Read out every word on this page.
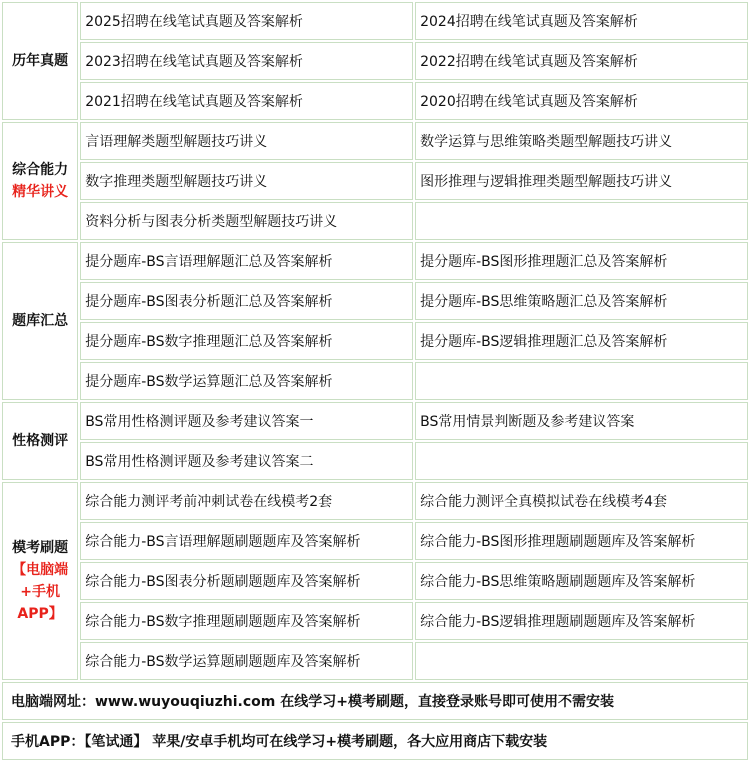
历年真题	2025招聘在线笔试真题及答案解析	2024招聘在线笔试真题及答案解析
	2023招聘在线笔试真题及答案解析	2022招聘在线笔试真题及答案解析
	2021招聘在线笔试真题及答案解析	2020招聘在线笔试真题及答案解析

综合能力
精华讲义	言语理解类题型解题技巧讲义	数学运算与思维策略类题型解题技巧讲义
	数字推理类题型解题技巧讲义	图形推理与逻辑推理类题型解题技巧讲义
	资料分析与图表分析类题型解题技巧讲义	
题库汇总	提分题库-BS言语理解题汇总及答案解析	提分题库-BS图形推理题汇总及答案解析
	提分题库-BS图表分析题汇总及答案解析	提分题库-BS思维策略题汇总及答案解析
	提分题库-BS数字推理题汇总及答案解析	提分题库-BS逻辑推理题汇总及答案解析
	提分题库-BS数学运算题汇总及答案解析	
性格测评	BS常用性格测评题及参考建议答案一	BS常用情景判断题及参考建议答案
	BS常用性格测评题及参考建议答案二	

模考刷题
【电脑端+手机APP】	综合能力测评考前冲刺试卷在线模考2套	综合能力测评全真模拟试卷在线模考4套
	综合能力-BS言语理解题刷题题库及答案解析	综合能力-BS图形推理题刷题题库及答案解析
	综合能力-BS图表分析题刷题题库及答案解析	综合能力-BS思维策略题刷题题库及答案解析
	综合能力-BS数字推理题刷题题库及答案解析	综合能力-BS逻辑推理题刷题题库及答案解析
	综合能力-BS数学运算题刷题题库及答案解析	
电脑端网址：www.wuyouqiuzhi.com 在线学习+模考刷题，直接登录账号即可使用不需安装		
手机APP：【笔试通】 苹果/安卓手机均可在线学习+模考刷题，各大应用商店下载安装		
